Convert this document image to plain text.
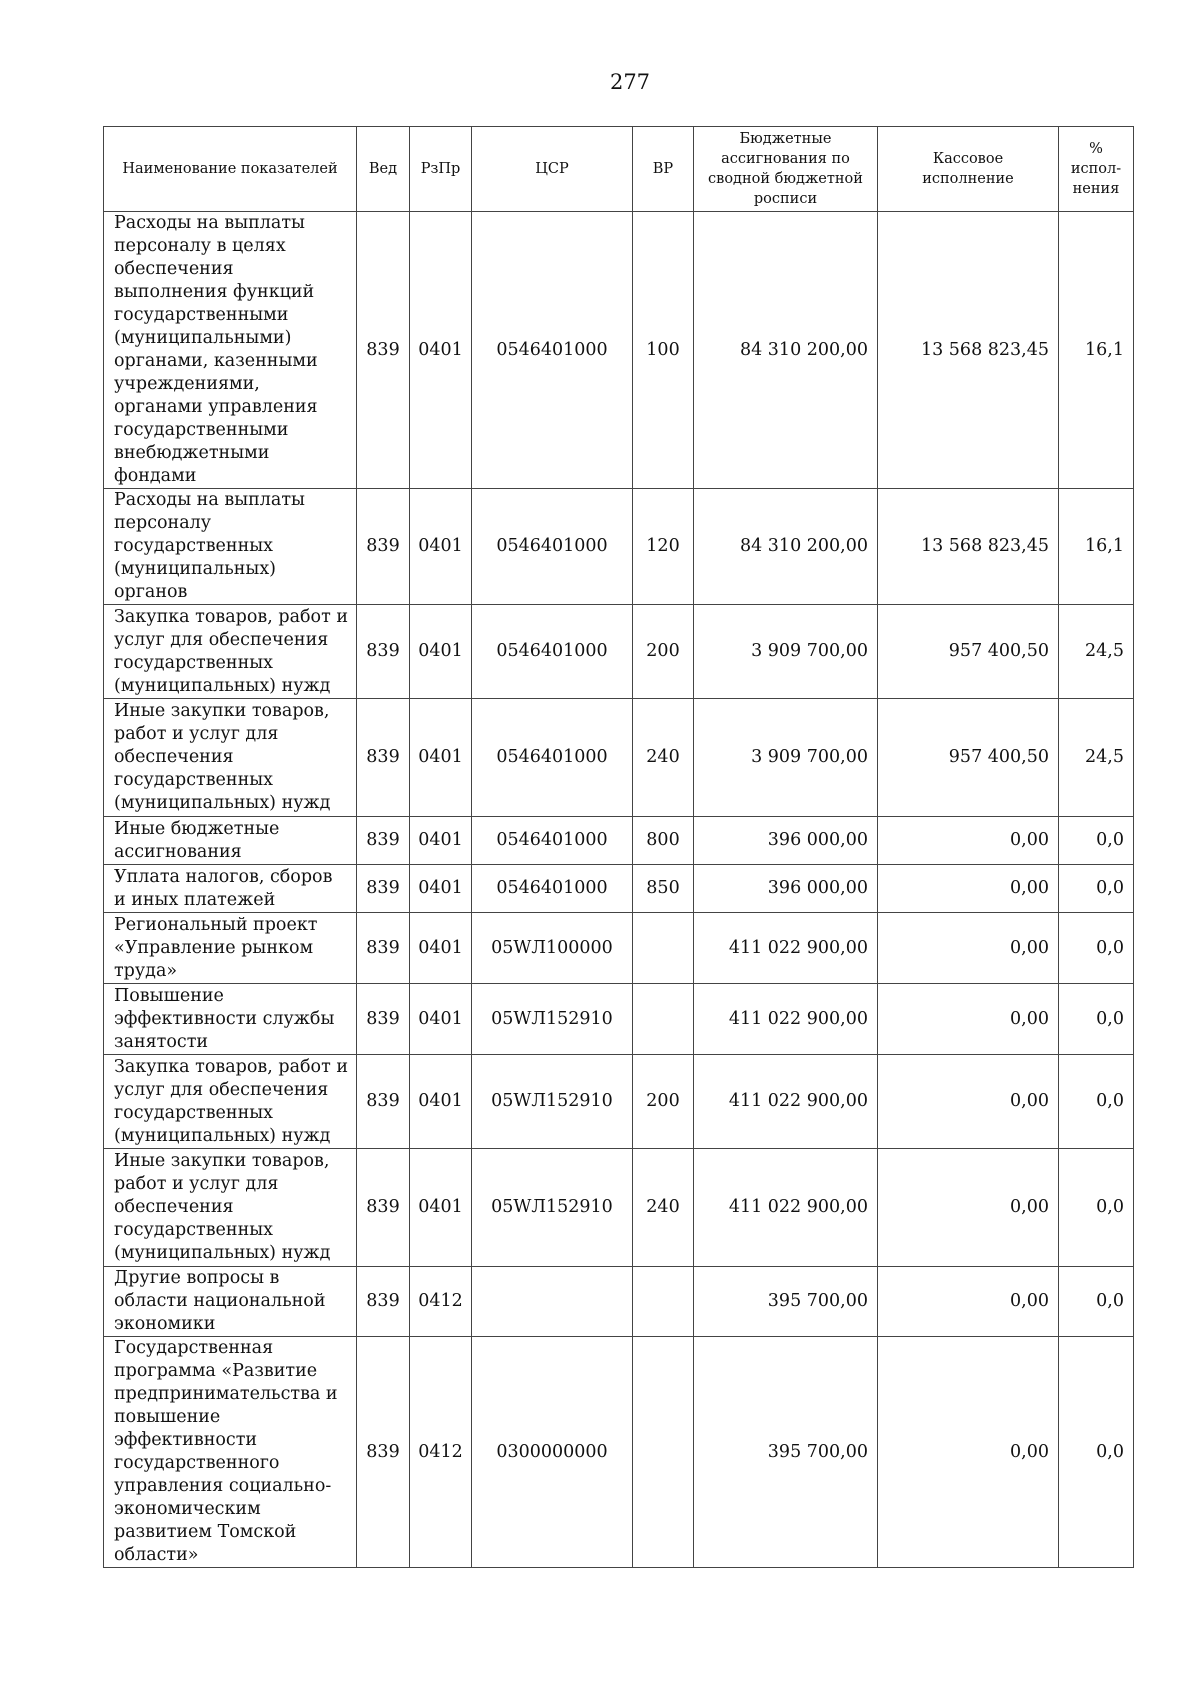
277
Наименование показателей	Вед	РзПр	ЦСР	ВР	Бюджетные ассигнования по сводной бюджетной росписи	Кассовое исполнение	% испол-нения
Расходы на выплаты персоналу в целях обеспечения выполнения функций государственными (муниципальными) органами, казенными учреждениями, органами управления государственными внебюджетными фондами	839	0401	0546401000	100	84 310 200,00	13 568 823,45	16,1
Расходы на выплаты персоналу государственных (муниципальных) органов	839	0401	0546401000	120	84 310 200,00	13 568 823,45	16,1
Закупка товаров, работ и услуг для обеспечения государственных (муниципальных) нужд	839	0401	0546401000	200	3 909 700,00	957 400,50	24,5
Иные закупки товаров, работ и услуг для обеспечения государственных (муниципальных) нужд	839	0401	0546401000	240	3 909 700,00	957 400,50	24,5
Иные бюджетные ассигнования	839	0401	0546401000	800	396 000,00	0,00	0,0
Уплата налогов, сборов и иных платежей	839	0401	0546401000	850	396 000,00	0,00	0,0
Региональный проект «Управление рынком труда»	839	0401	05WЛ100000		411 022 900,00	0,00	0,0
Повышение эффективности службы занятости	839	0401	05WЛ152910		411 022 900,00	0,00	0,0
Закупка товаров, работ и услуг для обеспечения государственных (муниципальных) нужд	839	0401	05WЛ152910	200	411 022 900,00	0,00	0,0
Иные закупки товаров, работ и услуг для обеспечения государственных (муниципальных) нужд	839	0401	05WЛ152910	240	411 022 900,00	0,00	0,0
Другие вопросы в области национальной экономики	839	0412			395 700,00	0,00	0,0
Государственная программа «Развитие предпринимательства и повышение эффективности государственного управления социально-экономическим развитием Томской области»	839	0412	0300000000		395 700,00	0,00	0,0
